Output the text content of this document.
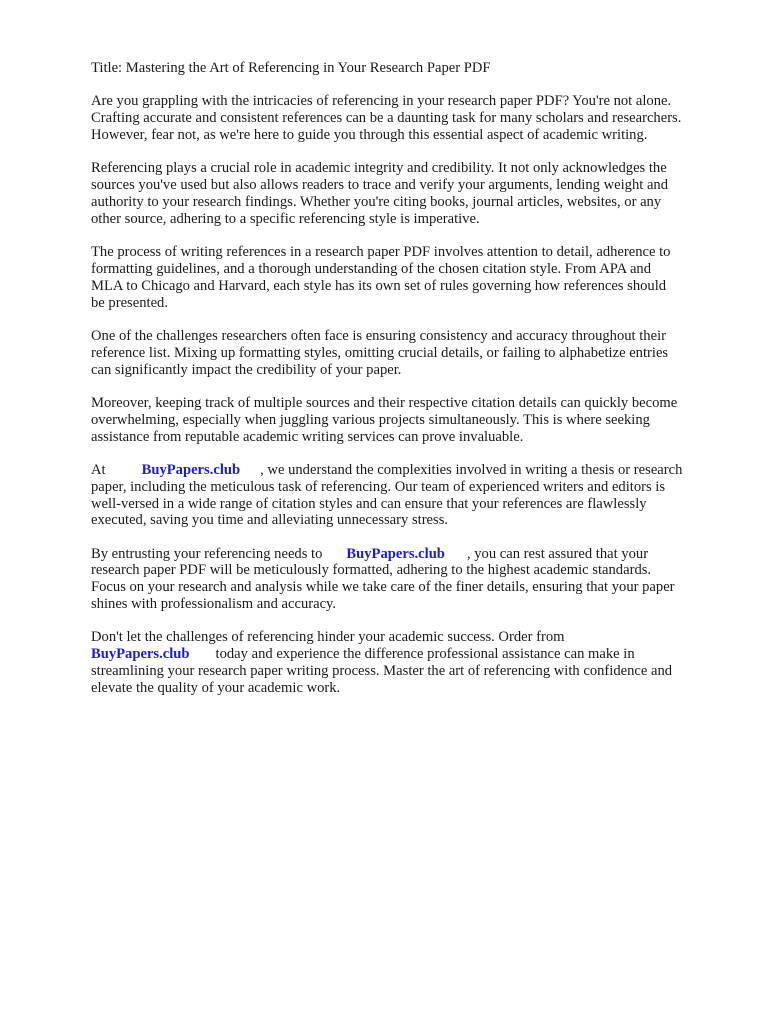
Title: Mastering the Art of Referencing in Your Research Paper PDF

Are you grappling with the intricacies of referencing in your research paper PDF? You're not alone.
Crafting accurate and consistent references can be a daunting task for many scholars and researchers.
However, fear not, as we're here to guide you through this essential aspect of academic writing.

Referencing plays a crucial role in academic integrity and credibility. It not only acknowledges the
sources you've used but also allows readers to trace and verify your arguments, lending weight and
authority to your research findings. Whether you're citing books, journal articles, websites, or any
other source, adhering to a specific referencing style is imperative.

The process of writing references in a research paper PDF involves attention to detail, adherence to
formatting guidelines, and a thorough understanding of the chosen citation style. From APA and
MLA to Chicago and Harvard, each style has its own set of rules governing how references should
be presented.

One of the challenges researchers often face is ensuring consistency and accuracy throughout their
reference list. Mixing up formatting styles, omitting crucial details, or failing to alphabetize entries
can significantly impact the credibility of your paper.

Moreover, keeping track of multiple sources and their respective citation details can quickly become
overwhelming, especially when juggling various projects simultaneously. This is where seeking
assistance from reputable academic writing services can prove invaluable.

At BuyPapers.club , we understand the complexities involved in writing a thesis or research
paper, including the meticulous task of referencing. Our team of experienced writers and editors is
well-versed in a wide range of citation styles and can ensure that your references are flawlessly
executed, saving you time and alleviating unnecessary stress.

By entrusting your referencing needs to BuyPapers.club , you can rest assured that your
research paper PDF will be meticulously formatted, adhering to the highest academic standards.
Focus on your research and analysis while we take care of the finer details, ensuring that your paper
shines with professionalism and accuracy.

Don't let the challenges of referencing hinder your academic success. Order from
BuyPapers.club today and experience the difference professional assistance can make in
streamlining your research paper writing process. Master the art of referencing with confidence and
elevate the quality of your academic work.
